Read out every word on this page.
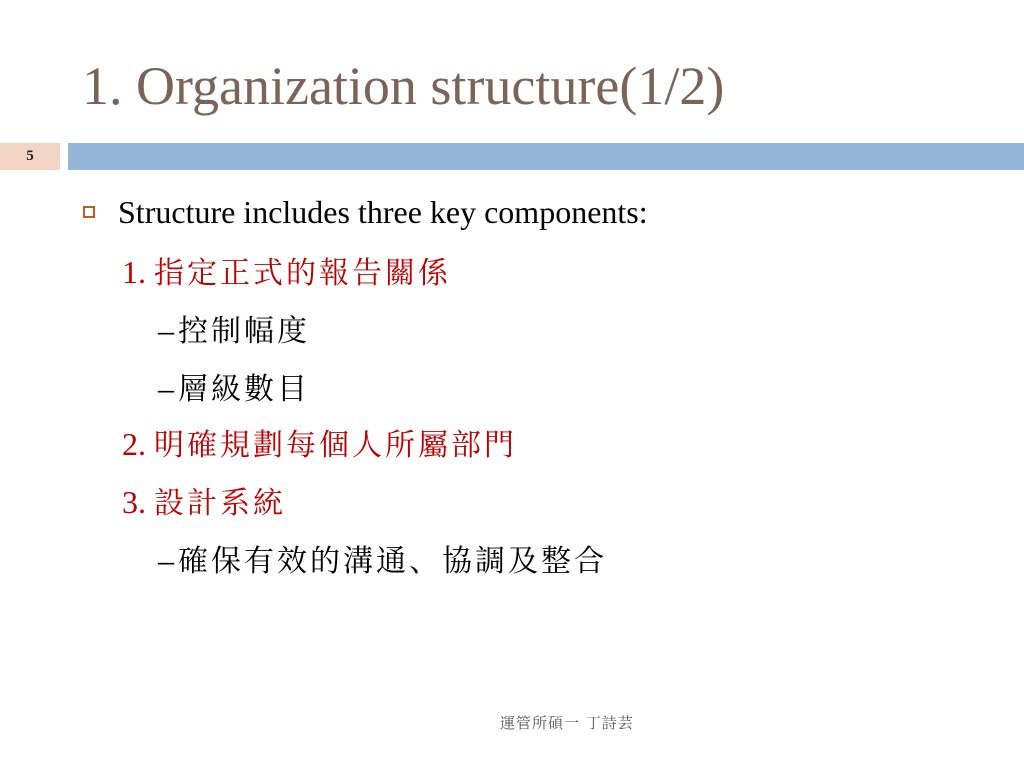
1. Organization structure(1/2)
5
Structure includes three key components:
1. 指定正式的報告關係
– 控制幅度
– 層級數目
2. 明確規劃每個人所屬部門
3. 設計系統
– 確保有效的溝通、協調及整合
運管所碩一 丁詩芸
